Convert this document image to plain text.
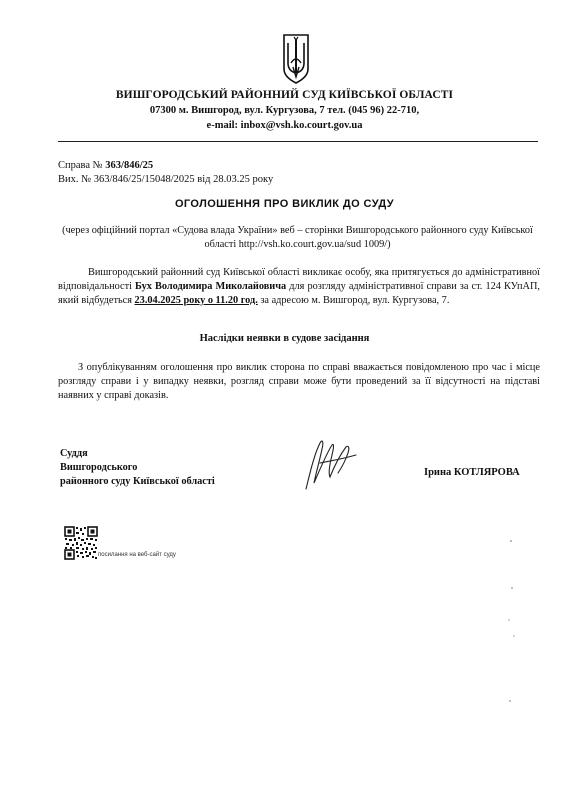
ВИШГОРОДСЬКИЙ РАЙОННИЙ СУД КИЇВСЬКОЇ ОБЛАСТІ
07300 м. Вишгород, вул. Кургузова, 7 тел. (045 96) 22-710,
e-mail: inbox@vsh.ko.court.gov.ua
Справа № 363/846/25
Вих. № 363/846/25/15048/2025 від 28.03.25 року
ОГОЛОШЕННЯ ПРО ВИКЛИК ДО СУДУ
(через офіційний портал «Судова влада України» веб – сторінки Вишгородського районного суду Київської області http://vsh.ko.court.gov.ua/sud 1009/)
Вишгородський районний суд Київської області викликає особу, яка притягується до адміністративної відповідальності Бух Володимира Миколайовича для розгляду адміністративної справи за ст. 124 КУпАП, який відбудеться 23.04.2025 року о 11.20 год. за адресою м. Вишгород, вул. Кургузова, 7.
Наслідки неявки в судове засідання
З опублікуванням оголошення про виклик сторона по справі вважається повідомленою про час і місце розгляду справи і у випадку неявки, розгляд справи може бути проведений за її відсутності на підставі наявних у справі доказів.
Суддя
Вишгородського
районного суду Київської області
Ірина КОТЛЯРОВА
посилання на веб-сайт суду
